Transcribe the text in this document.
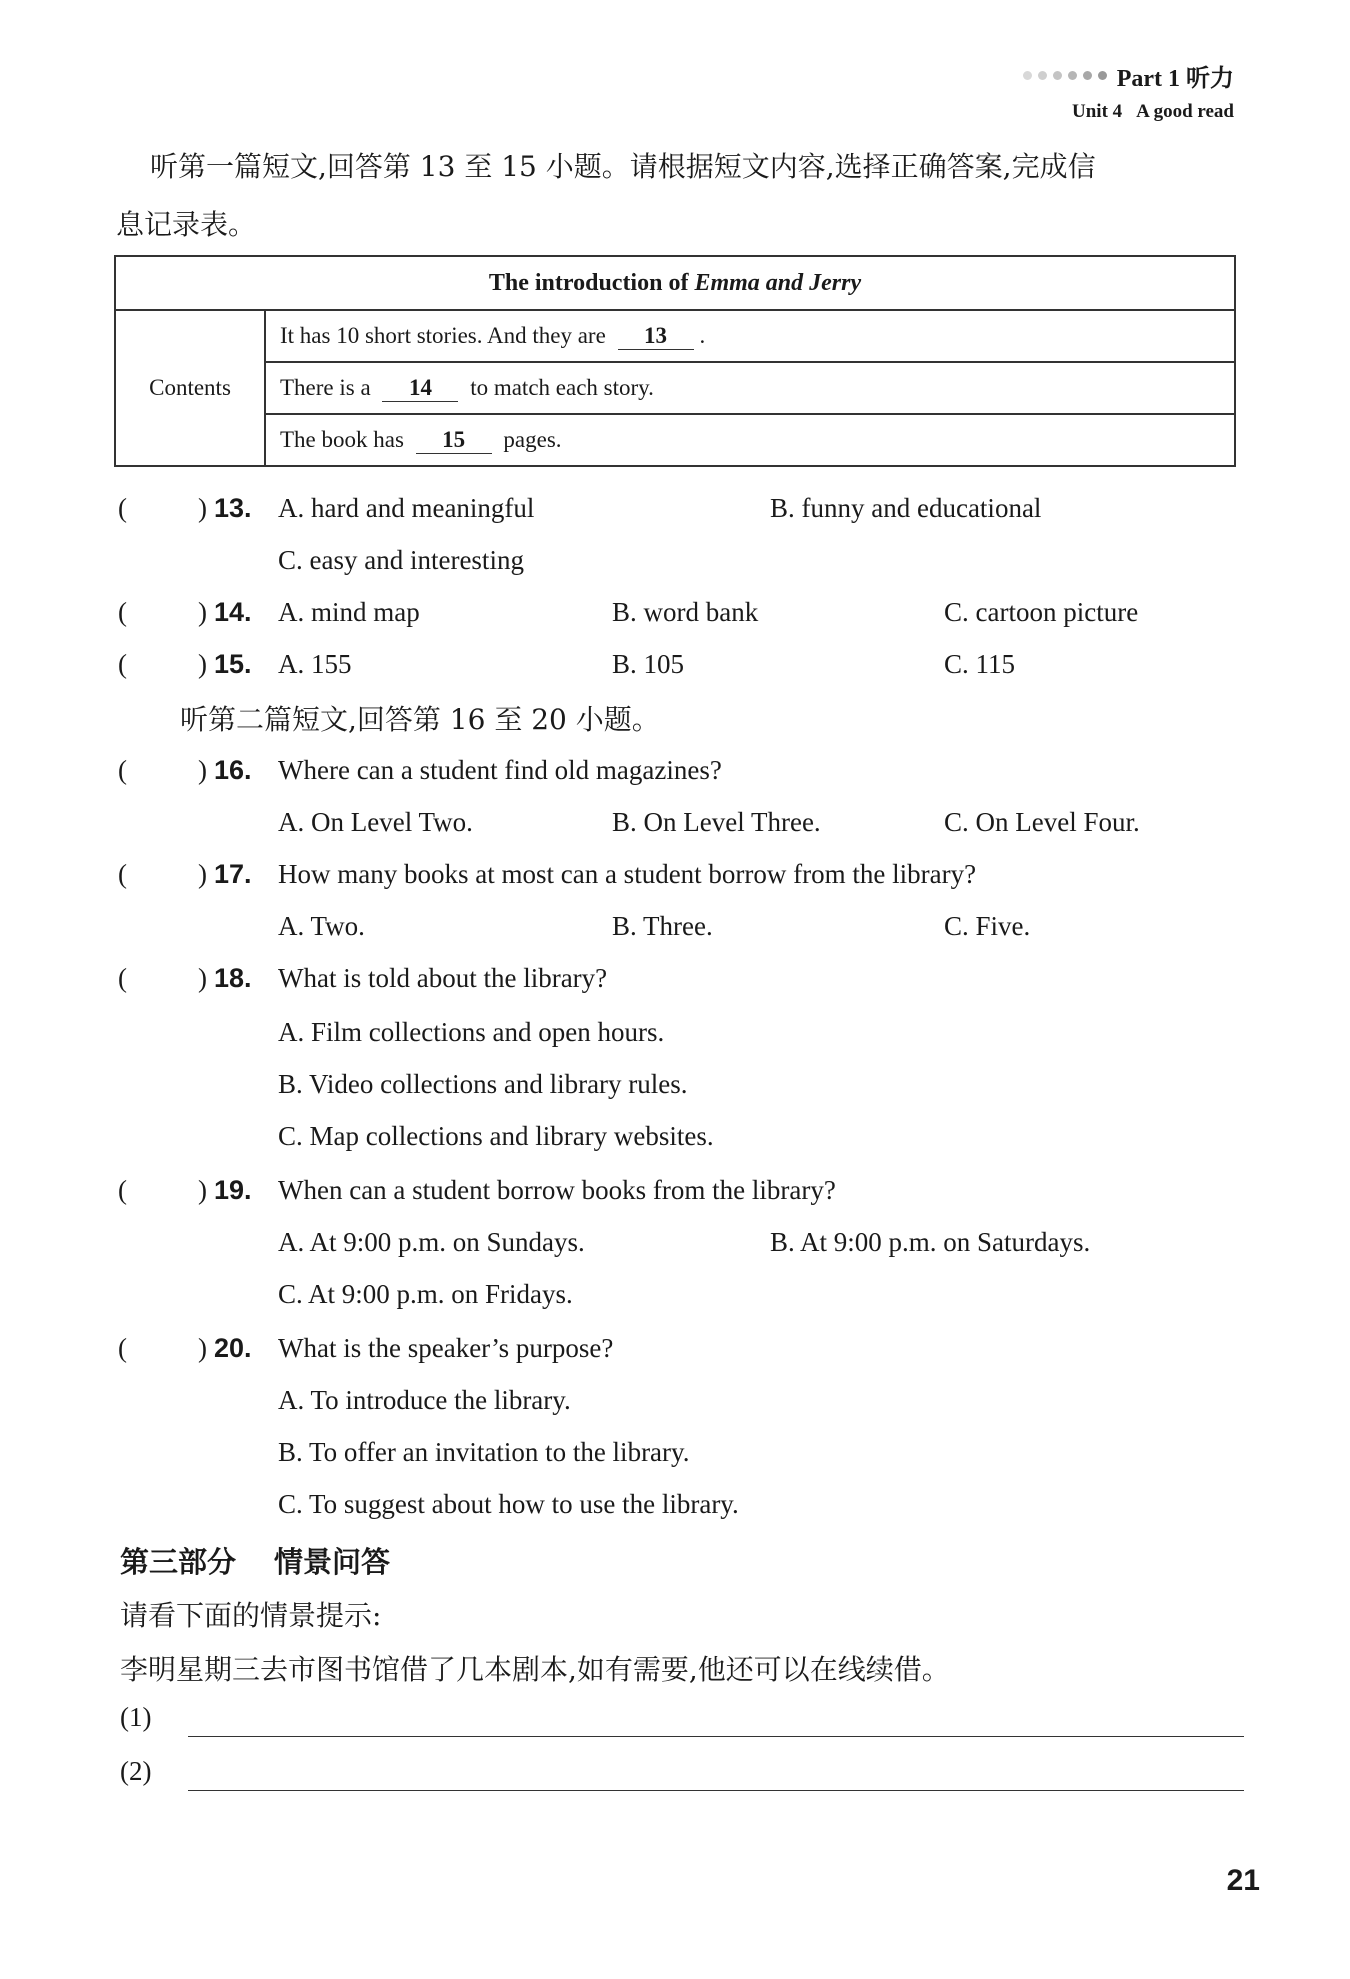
Part 1 听力
Unit 4 A good read
听第一篇短文,回答第 13 至 15 小题。请根据短文内容,选择正确答案,完成信
息记录表。
The introduction of Emma and Jerry
Contents	It has 10 short stories. And they are 13 .
There is a 14 to match each story.
The book has 15 pages.
(	) 13. A. hard and meaningful	B. funny and educational
C. easy and interesting
(	) 14. A. mind map	B. word bank	C. cartoon picture
(	) 15. A. 155	B. 105	C. 115
听第二篇短文,回答第 16 至 20 小题。
(	) 16. Where can a student find old magazines?
A. On Level Two.	B. On Level Three.	C. On Level Four.
(	) 17. How many books at most can a student borrow from the library?
A. Two.	B. Three.	C. Five.
(	) 18. What is told about the library?
A. Film collections and open hours.
B. Video collections and library rules.
C. Map collections and library websites.
(	) 19. When can a student borrow books from the library?
A. At 9:00 p.m. on Sundays.	B. At 9:00 p.m. on Saturdays.
C. At 9:00 p.m. on Fridays.
(	) 20. What is the speaker’s purpose?
A. To introduce the library.
B. To offer an invitation to the library.
C. To suggest about how to use the library.
第三部分 情景问答
请看下面的情景提示:
李明星期三去市图书馆借了几本剧本,如有需要,他还可以在线续借。
(1)
(2)
21
